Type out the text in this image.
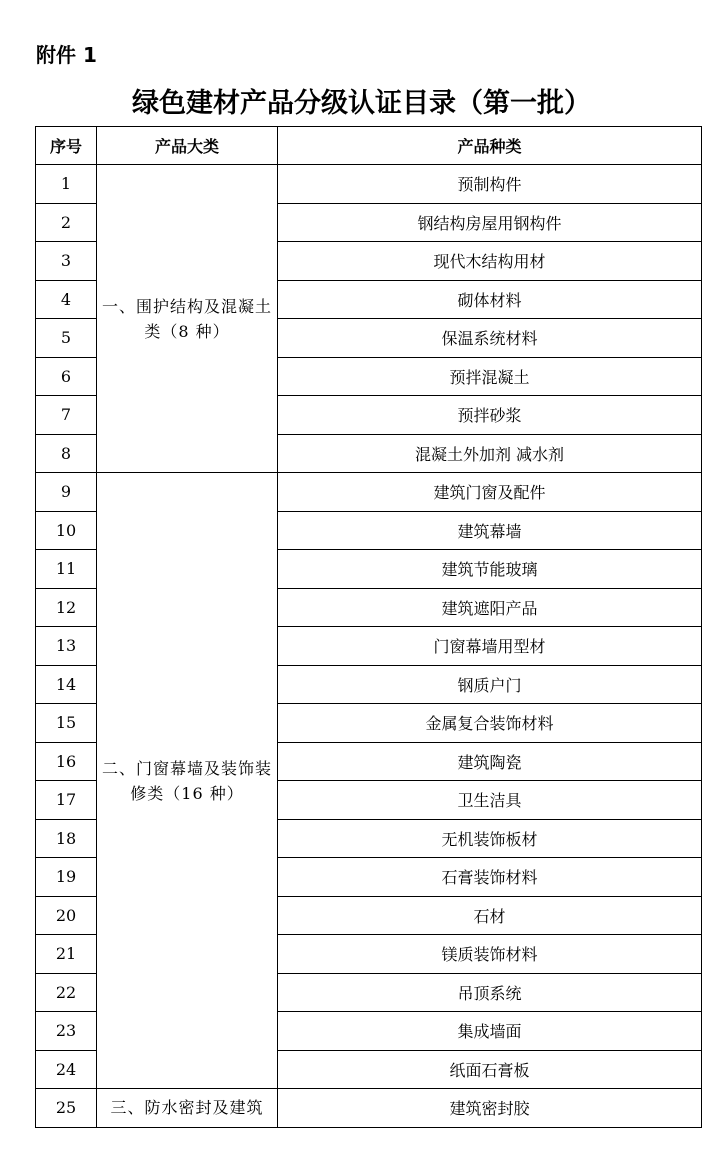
附件 1
绿色建材产品分级认证目录（第一批）
序号	产品大类	产品种类
1	一、围护结构及混凝土类（8 种）	预制构件
2		钢结构房屋用钢构件
3		现代木结构用材
4		砌体材料
5		保温系统材料
6		预拌混凝土
7		预拌砂浆
8		混凝土外加剂 减水剂
9	二、门窗幕墙及装饰装修类（16 种）	建筑门窗及配件
10		建筑幕墙
11		建筑节能玻璃
12		建筑遮阳产品
13		门窗幕墙用型材
14		钢质户门
15		金属复合装饰材料
16		建筑陶瓷
17		卫生洁具
18		无机装饰板材
19		石膏装饰材料
20		石材
21		镁质装饰材料
22		吊顶系统
23		集成墙面
24		纸面石膏板
25	三、防水密封及建筑	建筑密封胶
